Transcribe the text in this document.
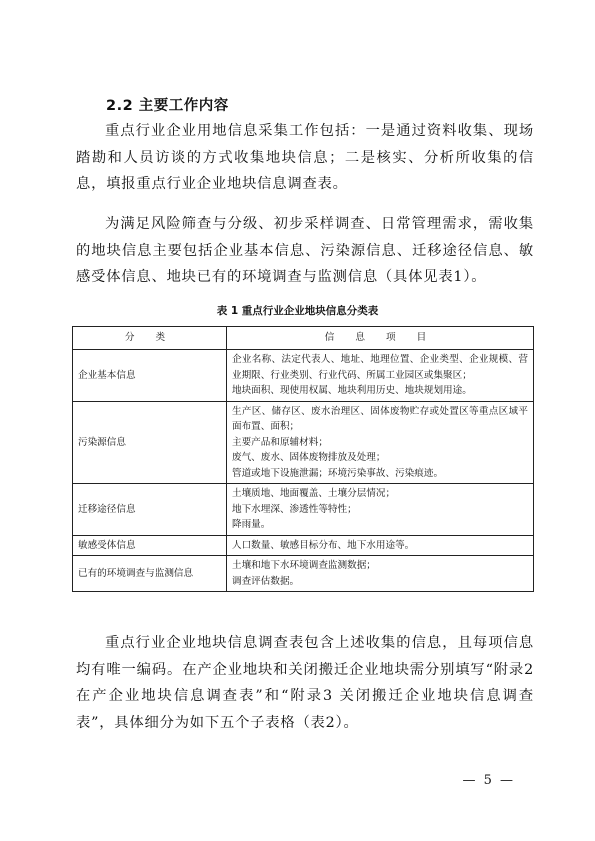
2.2 主要工作内容

重点行业企业用地信息采集工作包括：一是通过资料收集、现场踏勘和人员访谈的方式收集地块信息；二是核实、分析所收集的信息，填报重点行业企业地块信息调查表。

为满足风险筛查与分级、初步采样调查、日常管理需求，需收集的地块信息主要包括企业基本信息、污染源信息、迁移途径信息、敏感受体信息、地块已有的环境调查与监测信息（具体见表1）。

表 1 重点行业企业地块信息分类表
分 类	信 息 项 目
企业基本信息	企业名称、法定代表人、地址、地理位置、企业类型、企业规模、营业期限、行业类别、行业代码、所属工业园区或集聚区；
地块面积、现使用权属、地块利用历史、地块规划用途。

污染源信息	生产区、储存区、废水治理区、固体废物贮存或处置区等重点区域平面布置、面积；
主要产品和原辅材料；
废气、废水、固体废物排放及处理；
管道或地下设施泄漏；环境污染事故、污染痕迹。

迁移途径信息	土壤质地、地面覆盖、土壤分层情况；
地下水埋深、渗透性等特性；
降雨量。

敏感受体信息	人口数量、敏感目标分布、地下水用途等。

已有的环境调查与监测信息	土壤和地下水环境调查监测数据；
调查评估数据。

重点行业企业地块信息调查表包含上述收集的信息，且每项信息均有唯一编码。在产企业地块和关闭搬迁企业地块需分别填写“附录2 在产企业地块信息调查表”和“附录3 关闭搬迁企业地块信息调查表”，具体细分为如下五个子表格（表2）。

— 5 —
